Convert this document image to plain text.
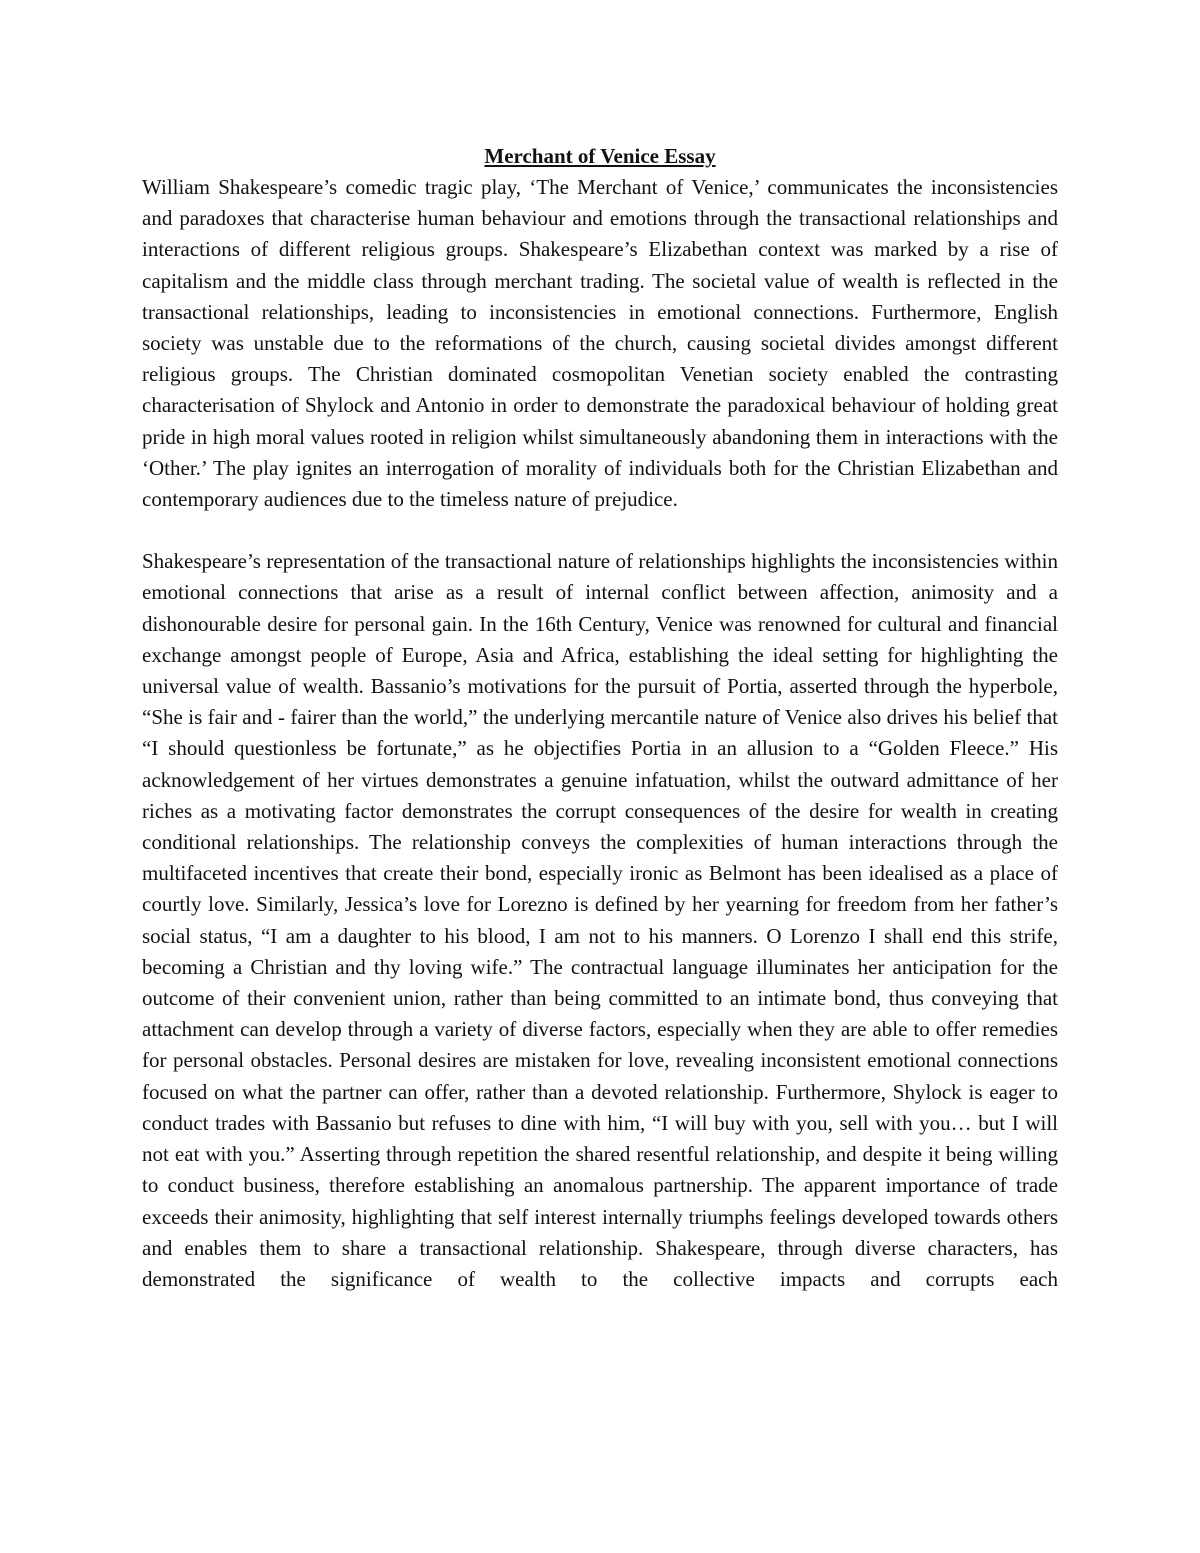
Merchant of Venice Essay

William Shakespeare’s comedic tragic play, ‘The Merchant of Venice,’ communicates the inconsistencies and paradoxes that characterise human behaviour and emotions through the transactional relationships and interactions of different religious groups. Shakespeare’s Elizabethan context was marked by a rise of capitalism and the middle class through merchant trading. The societal value of wealth is reflected in the transactional relationships, leading to inconsistencies in emotional connections. Furthermore, English society was unstable due to the reformations of the church, causing societal divides amongst different religious groups. The Christian dominated cosmopolitan Venetian society enabled the contrasting characterisation of Shylock and Antonio in order to demonstrate the paradoxical behaviour of holding great pride in high moral values rooted in religion whilst simultaneously abandoning them in interactions with the ‘Other.’ The play ignites an interrogation of morality of individuals both for the Christian Elizabethan and contemporary audiences due to the timeless nature of prejudice.

Shakespeare’s representation of the transactional nature of relationships highlights the inconsistencies within emotional connections that arise as a result of internal conflict between affection, animosity and a dishonourable desire for personal gain. In the 16th Century, Venice was renowned for cultural and financial exchange amongst people of Europe, Asia and Africa, establishing the ideal setting for highlighting the universal value of wealth. Bassanio’s motivations for the pursuit of Portia, asserted through the hyperbole, “She is fair and - fairer than the world,” the underlying mercantile nature of Venice also drives his belief that “I should questionless be fortunate,” as he objectifies Portia in an allusion to a “Golden Fleece.” His acknowledgement of her virtues demonstrates a genuine infatuation, whilst the outward admittance of her riches as a motivating factor demonstrates the corrupt consequences of the desire for wealth in creating conditional relationships. The relationship conveys the complexities of human interactions through the multifaceted incentives that create their bond, especially ironic as Belmont has been idealised as a place of courtly love. Similarly, Jessica’s love for Lorezno is defined by her yearning for freedom from her father’s social status, “I am a daughter to his blood, I am not to his manners. O Lorenzo I shall end this strife, becoming a Christian and thy loving wife.” The contractual language illuminates her anticipation for the outcome of their convenient union, rather than being committed to an intimate bond, thus conveying that attachment can develop through a variety of diverse factors, especially when they are able to offer remedies for personal obstacles. Personal desires are mistaken for love, revealing inconsistent emotional connections focused on what the partner can offer, rather than a devoted relationship. Furthermore, Shylock is eager to conduct trades with Bassanio but refuses to dine with him, “I will buy with you, sell with you… but I will not eat with you.” Asserting through repetition the shared resentful relationship, and despite it being willing to conduct business, therefore establishing an anomalous partnership. The apparent importance of trade exceeds their animosity, highlighting that self interest internally triumphs feelings developed towards others and enables them to share a transactional relationship. Shakespeare, through diverse characters, has demonstrated the significance of wealth to the collective impacts and corrupts each
